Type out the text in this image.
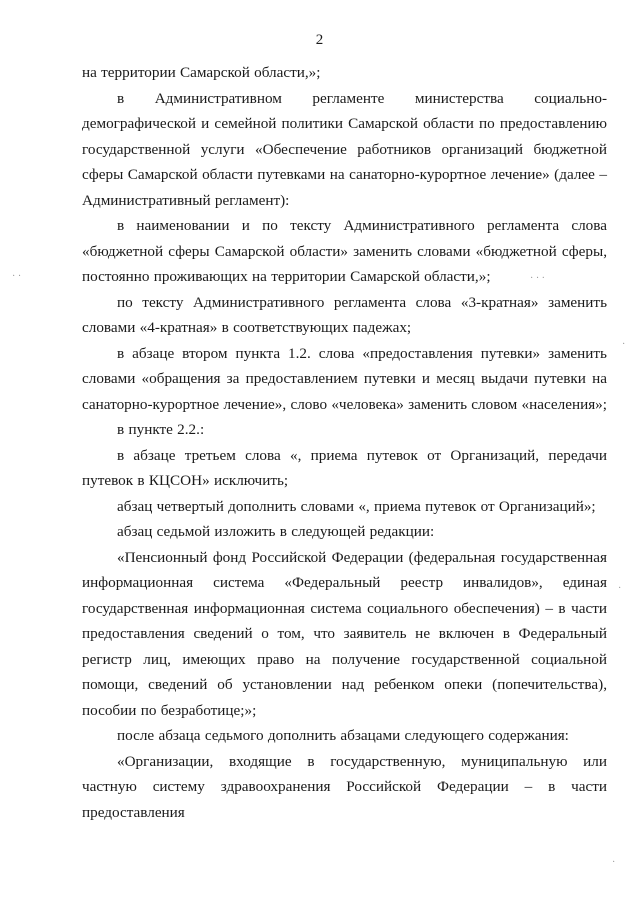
2

на территории Самарской области,»;

в Административном регламенте министерства социально-демографической и семейной политики Самарской области по предоставлению государственной услуги «Обеспечение работников организаций бюджетной сферы Самарской области путевками на санаторно-курортное лечение» (далее – Административный регламент):

в наименовании и по тексту Административного регламента слова «бюджетной сферы Самарской области» заменить словами «бюджетной сферы, постоянно проживающих на территории Самарской области,»;

по тексту Административного регламента слова «3-кратная» заменить словами «4-кратная» в соответствующих падежах;

в абзаце втором пункта 1.2. слова «предоставления путевки» заменить словами «обращения за предоставлением путевки и месяц выдачи путевки на санаторно-курортное лечение», слово «человека» заменить словом «населения»;

в пункте 2.2.:

в абзаце третьем слова «, приема путевок от Организаций, передачи путевок в КЦСОН» исключить;

абзац четвертый дополнить словами «, приема путевок от Организаций»;

абзац седьмой изложить в следующей редакции:

«Пенсионный фонд Российской Федерации (федеральная государственная информационная система «Федеральный реестр инвалидов», единая государственная информационная система социального обеспечения) – в части предоставления сведений о том, что заявитель не включен в Федеральный регистр лиц, имеющих право на получение государственной социальной помощи, сведений об установлении над ребенком опеки (попечительства), пособии по безработице;»;

после абзаца седьмого дополнить абзацами следующего содержания:

«Организации, входящие в государственную, муниципальную или частную систему здравоохранения Российской Федерации – в части предоставления

· ·	· · ·
·
·
·
